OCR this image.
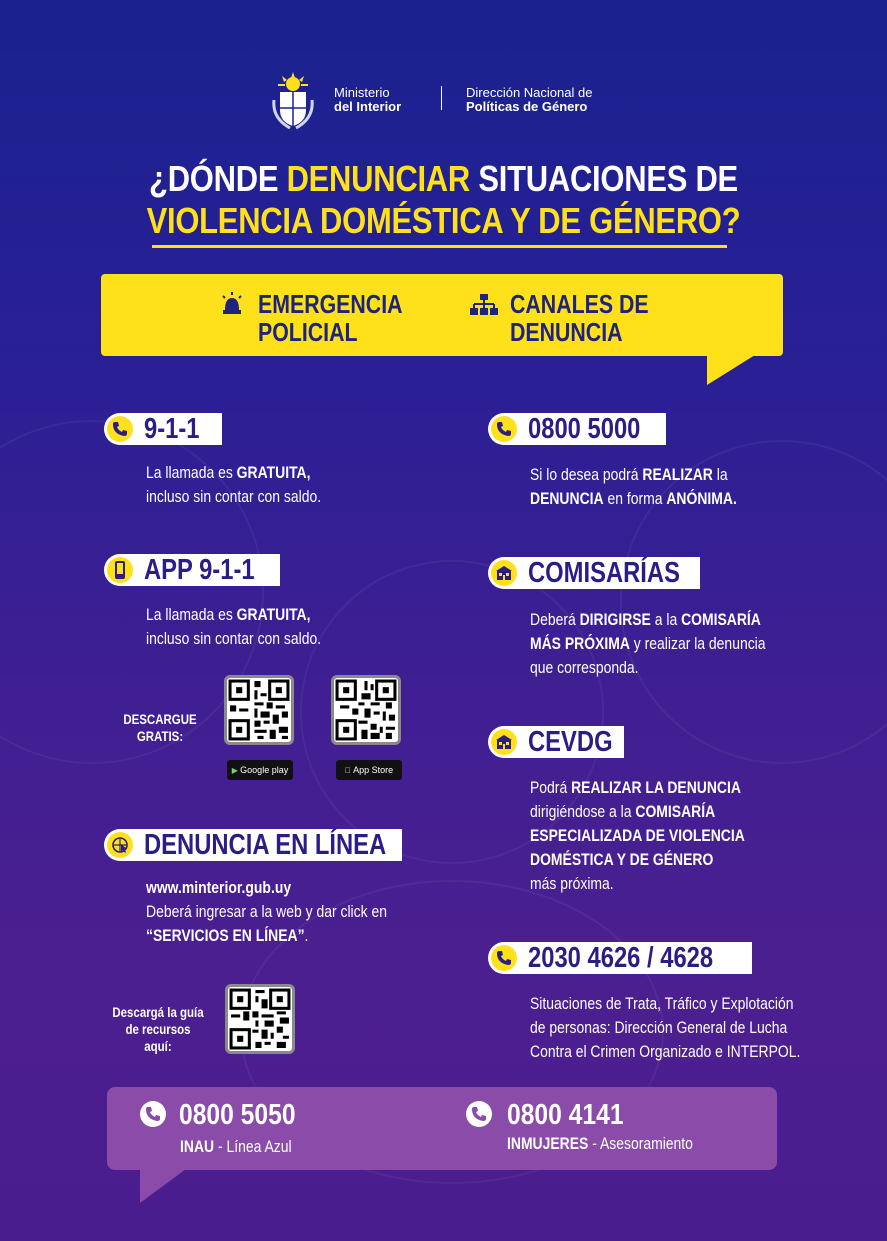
Ministerio
del Interior
Dirección Nacional de
Políticas de Género
¿DÓNDE DENUNCIAR SITUACIONES DE
VIOLENCIA DOMÉSTICA Y DE GÉNERO?
EMERGENCIA
POLICIAL
CANALES DE
DENUNCIA
9-1-1
La llamada es GRATUITA,
incluso sin contar con saldo.
APP 9-1-1
La llamada es GRATUITA,
incluso sin contar con saldo.
DESCARGUE
GRATIS:
▶ Google play	App Store
DENUNCIA EN LÍNEA
www.minterior.gub.uy
Deberá ingresar a la web y dar click en
“SERVICIOS EN LÍNEA”.
Descargá la guía
de recursos aquí:
0800 5000
Si lo desea podrá REALIZAR la
DENUNCIA en forma ANÓNIMA.
COMISARÍAS
Deberá DIRIGIRSE a la COMISARÍA
MÁS PRÓXIMA y realizar la denuncia
que corresponda.
CEVDG
Podrá REALIZAR LA DENUNCIA
dirigiéndose a la COMISARÍA
ESPECIALIZADA DE VIOLENCIA
DOMÉSTICA Y DE GÉNERO
más próxima.
2030 4626 / 4628
Situaciones de Trata, Tráfico y Explotación
de personas: Dirección General de Lucha
Contra el Crimen Organizado e INTERPOL.
0800 5050
INAU - Línea Azul
0800 4141
INMUJERES - Asesoramiento
